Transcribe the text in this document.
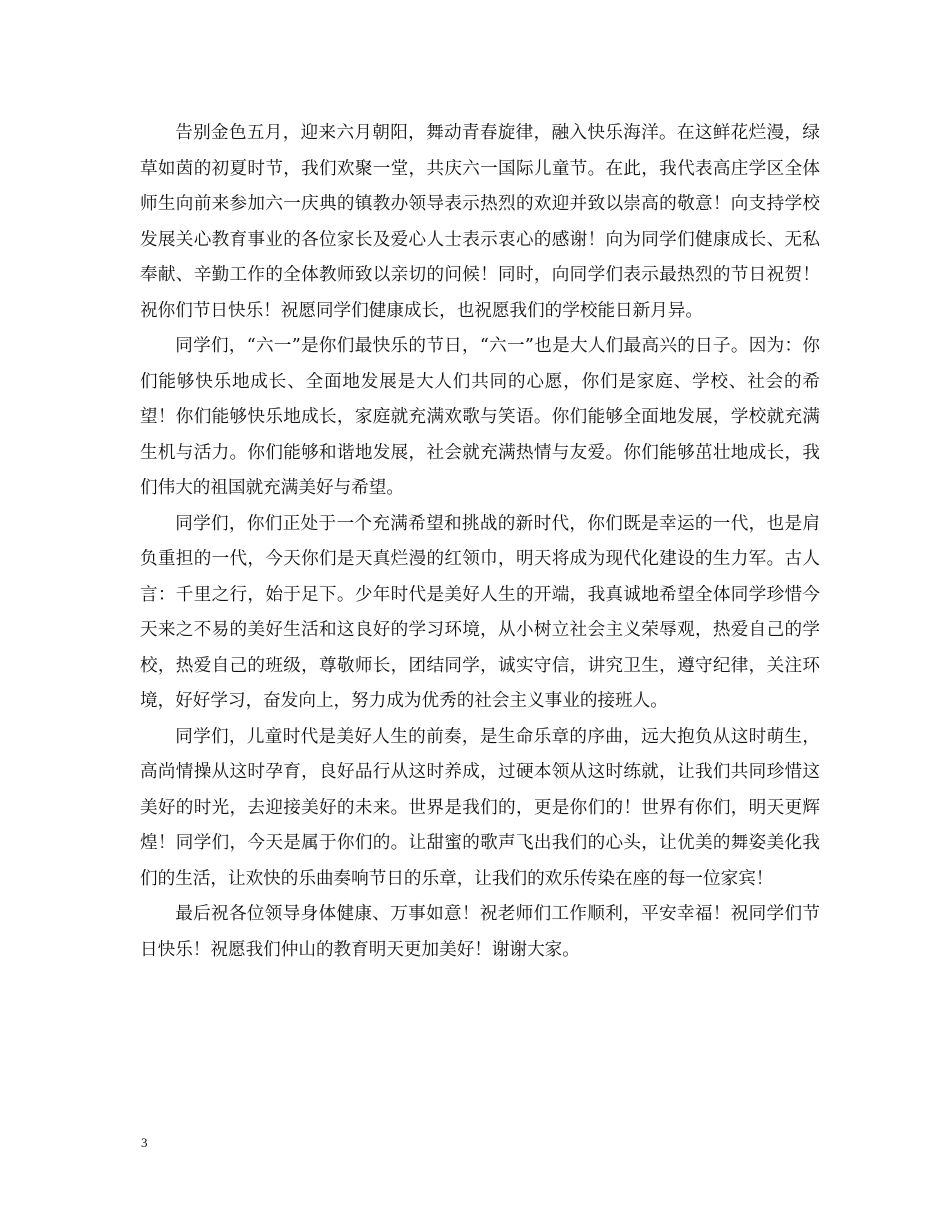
告别金色五月，迎来六月朝阳，舞动青春旋律，融入快乐海洋。在这鲜花烂漫，绿草如茵的初夏时节，我们欢聚一堂，共庆六一国际儿童节。在此，我代表高庄学区全体师生向前来参加六一庆典的镇教办领导表示热烈的欢迎并致以崇高的敬意！向支持学校发展关心教育事业的各位家长及爱心人士表示衷心的感谢！向为同学们健康成长、无私奉献、辛勤工作的全体教师致以亲切的问候！同时，向同学们表示最热烈的节日祝贺！祝你们节日快乐！祝愿同学们健康成长，也祝愿我们的学校能日新月异。

同学们，“六一”是你们最快乐的节日，“六一”也是大人们最高兴的日子。因为：你们能够快乐地成长、全面地发展是大人们共同的心愿，你们是家庭、学校、社会的希望！你们能够快乐地成长，家庭就充满欢歌与笑语。你们能够全面地发展，学校就充满生机与活力。你们能够和谐地发展，社会就充满热情与友爱。你们能够茁壮地成长，我们伟大的祖国就充满美好与希望。

同学们，你们正处于一个充满希望和挑战的新时代，你们既是幸运的一代，也是肩负重担的一代，今天你们是天真烂漫的红领巾，明天将成为现代化建设的生力军。古人言：千里之行，始于足下。少年时代是美好人生的开端，我真诚地希望全体同学珍惜今天来之不易的美好生活和这良好的学习环境，从小树立社会主义荣辱观，热爱自己的学校，热爱自己的班级，尊敬师长，团结同学，诚实守信，讲究卫生，遵守纪律，关注环境，好好学习，奋发向上，努力成为优秀的社会主义事业的接班人。

同学们，儿童时代是美好人生的前奏，是生命乐章的序曲，远大抱负从这时萌生，高尚情操从这时孕育，良好品行从这时养成，过硬本领从这时练就，让我们共同珍惜这美好的时光，去迎接美好的未来。世界是我们的，更是你们的！世界有你们，明天更辉煌！同学们，今天是属于你们的。让甜蜜的歌声飞出我们的心头，让优美的舞姿美化我们的生活，让欢快的乐曲奏响节日的乐章，让我们的欢乐传染在座的每一位家宾！

最后祝各位领导身体健康、万事如意！祝老师们工作顺利，平安幸福！祝同学们节日快乐！祝愿我们仲山的教育明天更加美好！谢谢大家。

3
